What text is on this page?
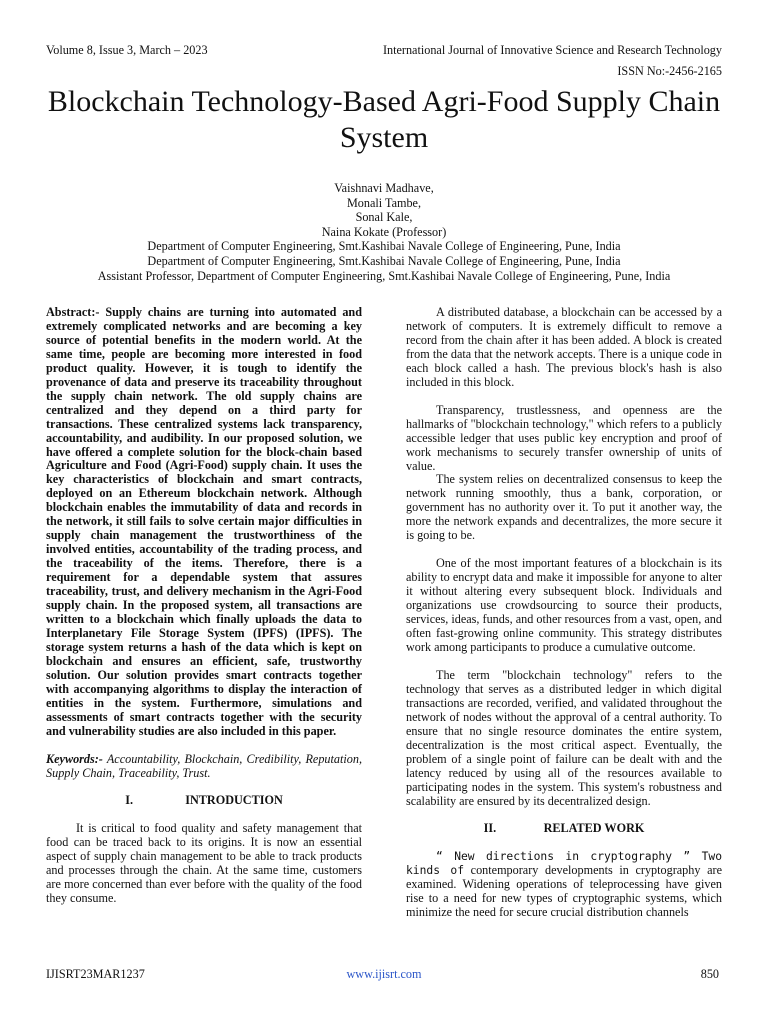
Volume 8, Issue 3, March – 2023	International Journal of Innovative Science and Research Technology
ISSN No:-2456-2165
Blockchain Technology-Based Agri-Food Supply Chain System
Vaishnavi Madhave,
Monali Tambe,
Sonal Kale,
Naina Kokate (Professor)
Department of Computer Engineering, Smt.Kashibai Navale College of Engineering, Pune, India
Department of Computer Engineering, Smt.Kashibai Navale College of Engineering, Pune, India
Assistant Professor, Department of Computer Engineering, Smt.Kashibai Navale College of Engineering, Pune, India

Abstract:- Supply chains are turning into automated and extremely complicated networks and are becoming a key source of potential benefits in the modern world. At the same time, people are becoming more interested in food product quality. However, it is tough to identify the provenance of data and preserve its traceability throughout the supply chain network. The old supply chains are centralized and they depend on a third party for transactions. These centralized systems lack transparency, accountability, and audibility. In our proposed solution, we have offered a complete solution for the block-chain based Agriculture and Food (Agri-Food) supply chain. It uses the key characteristics of blockchain and smart contracts, deployed on an Ethereum blockchain network. Although blockchain enables the immutability of data and records in the network, it still fails to solve certain major difficulties in supply chain management the trustworthiness of the involved entities, accountability of the trading process, and the traceability of the items. Therefore, there is a requirement for a dependable system that assures traceability, trust, and delivery mechanism in the Agri-Food supply chain. In the proposed system, all transactions are written to a blockchain which finally uploads the data to Interplanetary File Storage System (IPFS) (IPFS). The storage system returns a hash of the data which is kept on blockchain and ensures an efficient, safe, trustworthy solution. Our solution provides smart contracts together with accompanying algorithms to display the interaction of entities in the system. Furthermore, simulations and assessments of smart contracts together with the security and vulnerability studies are also included in this paper.

Keywords:- Accountability, Blockchain, Credibility, Reputation, Supply Chain, Traceability, Trust.

I.	INTRODUCTION

It is critical to food quality and safety management that food can be traced back to its origins. It is now an essential aspect of supply chain management to be able to track products and processes through the chain. At the same time, customers are more concerned than ever before with the quality of the food they consume.

A distributed database, a blockchain can be accessed by a network of computers. It is extremely difficult to remove a record from the chain after it has been added. A block is created from the data that the network accepts. There is a unique code in each block called a hash. The previous block's hash is also included in this block.

Transparency, trustlessness, and openness are the hallmarks of "blockchain technology," which refers to a publicly accessible ledger that uses public key encryption and proof of work mechanisms to securely transfer ownership of units of value.

The system relies on decentralized consensus to keep the network running smoothly, thus a bank, corporation, or government has no authority over it. To put it another way, the more the network expands and decentralizes, the more secure it is going to be.

One of the most important features of a blockchain is its ability to encrypt data and make it impossible for anyone to alter it without altering every subsequent block. Individuals and organizations use crowdsourcing to source their products, services, ideas, funds, and other resources from a vast, open, and often fast-growing online community. This strategy distributes work among participants to produce a cumulative outcome.

The term "blockchain technology" refers to the technology that serves as a distributed ledger in which digital transactions are recorded, verified, and validated throughout the network of nodes without the approval of a central authority. To ensure that no single resource dominates the entire system, decentralization is the most critical aspect. Eventually, the problem of a single point of failure can be dealt with and the latency reduced by using all of the resources available to participating nodes in the system. This system's robustness and scalability are ensured by its decentralized design.

II.	RELATED WORK

“ New directions in cryptography ” Two kinds of contemporary developments in cryptography are examined. Widening operations of teleprocessing have given rise to a need for new types of cryptographic systems, which minimize the need for secure crucial distribution channels

IJISRT23MAR1237	www.ijisrt.com	850
